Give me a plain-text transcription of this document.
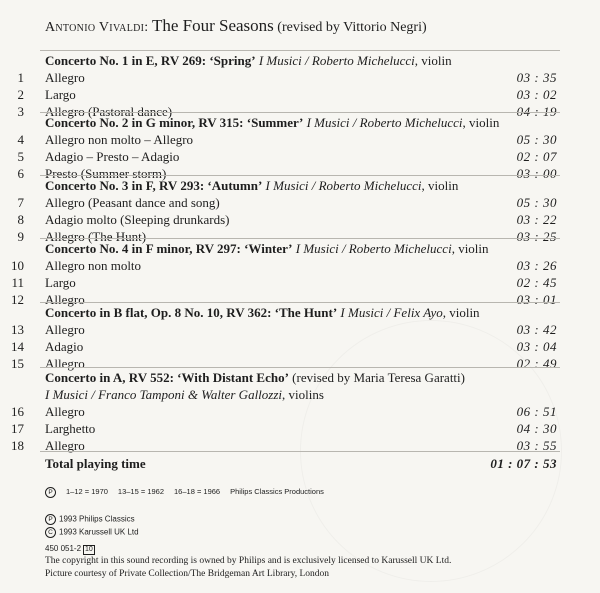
Antonio Vivaldi: The Four Seasons (revised by Vittorio Negri)
Concerto No. 1 in E, RV 269: ‘Spring’ I Musici / Roberto Michelucci, violin
1 Allegro	03 : 35
2 Largo	03 : 02
3 Allegro (Pastoral dance)	04 : 19
Concerto No. 2 in G minor, RV 315: ‘Summer’ I Musici / Roberto Michelucci, violin
4 Allegro non molto – Allegro	05 : 30
5 Adagio – Presto – Adagio	02 : 07
6 Presto (Summer storm)	03 : 00
Concerto No. 3 in F, RV 293: ‘Autumn’ I Musici / Roberto Michelucci, violin
7 Allegro (Peasant dance and song)	05 : 30
8 Adagio molto (Sleeping drunkards)	03 : 22
9 Allegro (The Hunt)	03 : 25
Concerto No. 4 in F minor, RV 297: ‘Winter’ I Musici / Roberto Michelucci, violin
10 Allegro non molto	03 : 26
11 Largo	02 : 45
12 Allegro	03 : 01
Concerto in B flat, Op. 8 No. 10, RV 362: ‘The Hunt’ I Musici / Felix Ayo, violin
13 Allegro	03 : 42
14 Adagio	03 : 04
15 Allegro	02 : 49
Concerto in A, RV 552: ‘With Distant Echo’ (revised by Maria Teresa Garatti)
I Musici / Franco Tamponi & Walter Gallozzi, violins
16 Allegro	06 : 51
17 Larghetto	04 : 30
18 Allegro	03 : 55
Total playing time	01 : 07 : 53
P 1–12 = 1970 13–15 = 1962 16–18 = 1966 Philips Classics Productions
P 1993 Philips Classics
C 1993 Karussell UK Ltd
450 051-2 10
The copyright in this sound recording is owned by Philips and is exclusively licensed to Karussell UK Ltd.
Picture courtesy of Private Collection/The Bridgeman Art Library, London
